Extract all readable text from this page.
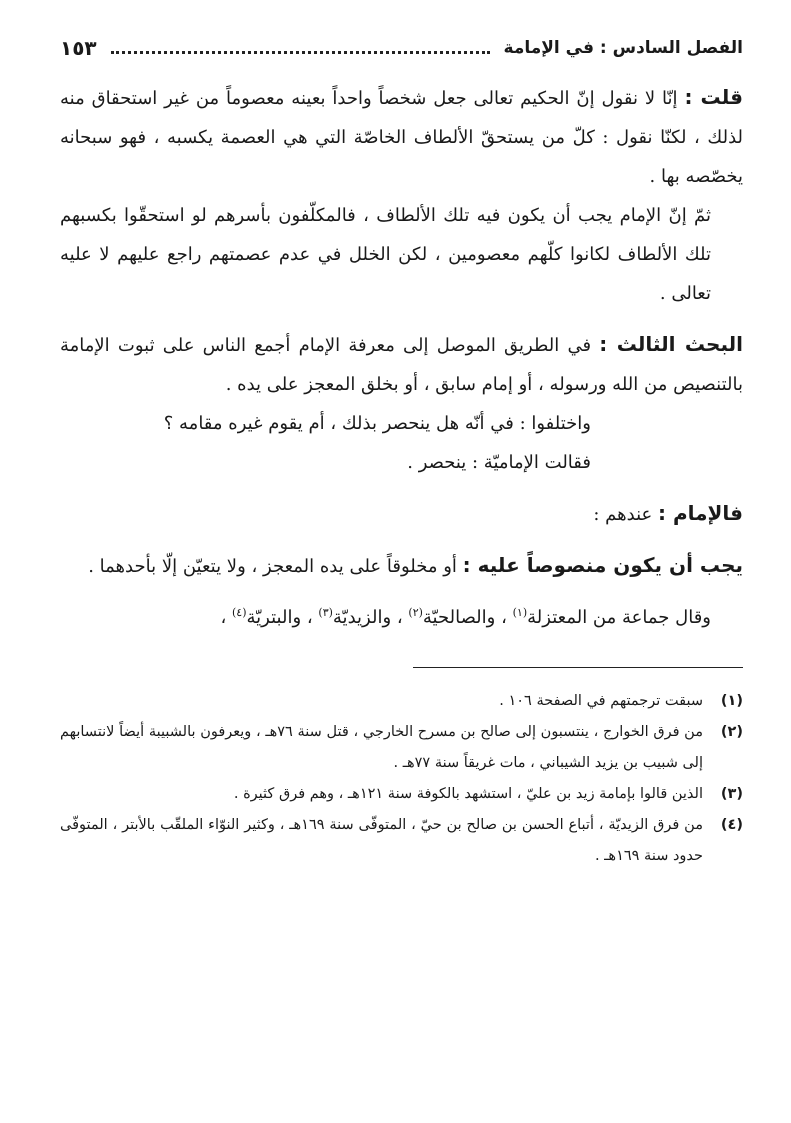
الفصل السادس : في الإمامة
١٥٣

قلت : إنّا لا نقول إنّ الحكيم تعالى جعل شخصاً واحداً بعينه معصوماً من غير استحقاق منه لذلك ، لكنّا نقول : كلّ من يستحقّ الألطاف الخاصّة التي هي العصمة يكسبه ، فهو سبحانه يخصّصه بها .

ثمّ إنّ الإمام يجب أن يكون فيه تلك الألطاف ، فالمكلّفون بأسرهم لو استحقّوا بكسبهم تلك الألطاف لكانوا كلّهم معصومين ، لكن الخلل في عدم عصمتهم راجع عليهم لا عليه تعالى .

البحث الثالث : في الطريق الموصل إلى معرفة الإمام أجمع الناس على ثبوت الإمامة بالتنصيص من الله ورسوله ، أو إمام سابق ، أو بخلق المعجز على يده .

واختلفوا : في أنّه هل ينحصر بذلك ، أم يقوم غيره مقامه ؟

فقالت الإماميّة : ينحصر .

فالإمام : عندهم :

يجب أن يكون منصوصاً عليه : أو مخلوقاً على يده المعجز ، ولا يتعيّن إلّا بأحدهما .

وقال جماعة من المعتزلة$^{(١)}$ ، والصالحيّة$^{(٢)}$ ، والزيديّة$^{(٣)}$ ، والبتريّة$^{(٤)}$ ،

(١)
سبقت ترجمتهم في الصفحة ١٠٦ .
(٢)
من فرق الخوارج ، ينتسبون إلى صالح بن مسرح الخارجي ، قتل سنة ٧٦هـ ، ويعرفون بالشبيبة أيضاً لانتسابهم إلى شبيب بن يزيد الشيباني ، مات غريقاً سنة ٧٧هـ .
(٣)
الذين قالوا بإمامة زيد بن عليّ ، استشهد بالكوفة سنة ١٢١هـ ، وهم فرق كثيرة .
(٤)
من فرق الزيديّة ، أتباع الحسن بن صالح بن حيّ ، المتوفّى سنة ١٦٩هـ ، وكثير النوّاء الملقّب بالأبتر ، المتوفّى حدود سنة ١٦٩هـ .
